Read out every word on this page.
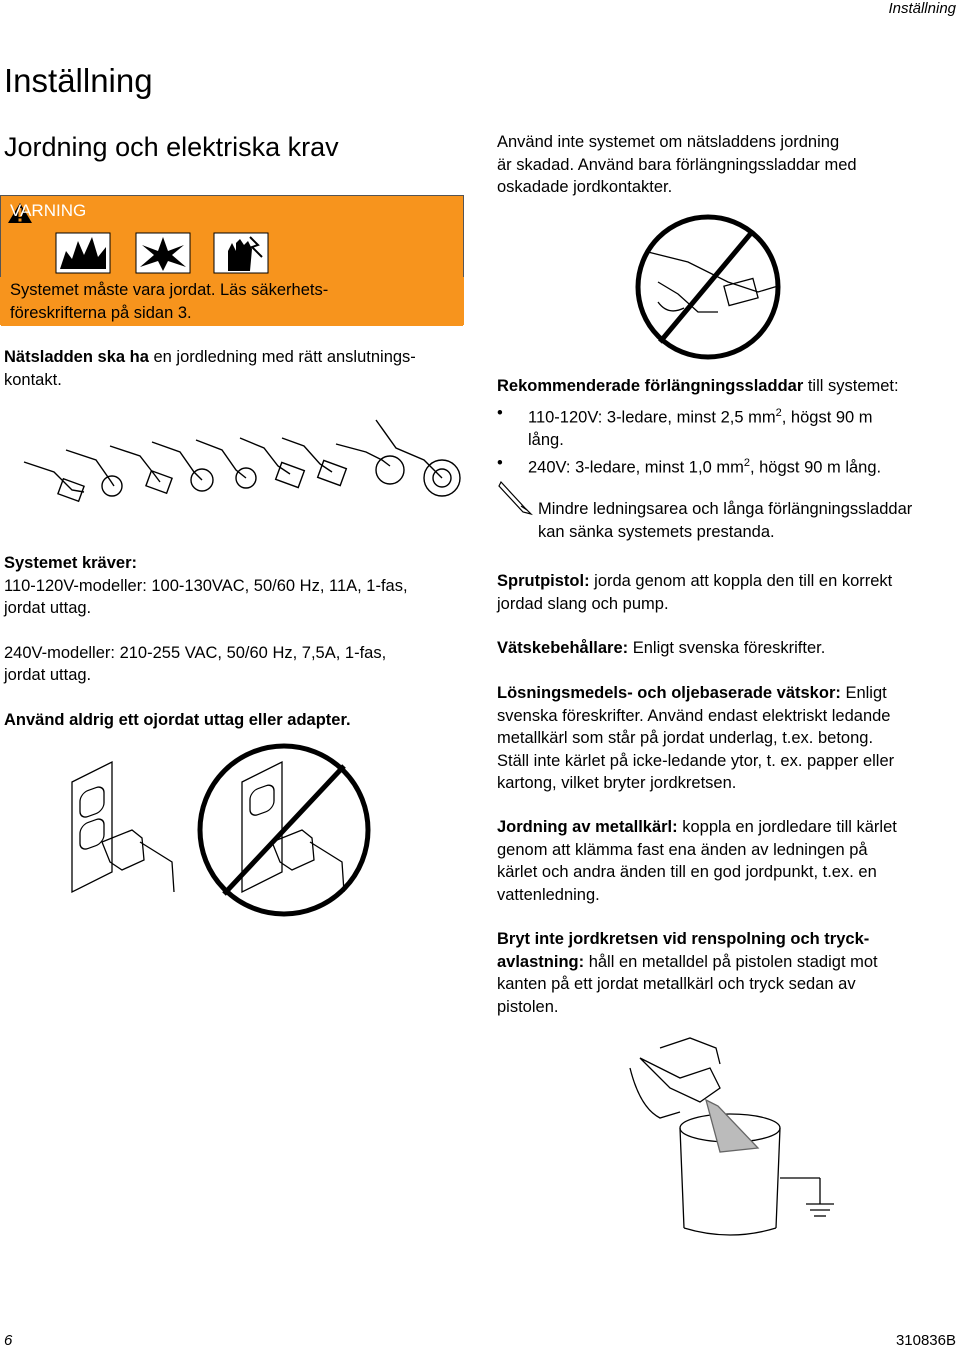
Inställning
Inställning
Jordning och elektriska krav
VARNING
Systemet måste vara jordat. Läs säkerhets-
föreskrifterna på sidan 3.
Nätsladden ska ha en jordledning med rätt anslutnings-
kontakt.
Systemet kräver:
110-120V-modeller: 100-130VAC, 50/60 Hz, 11A, 1-fas,
jordat uttag.
240V-modeller: 210-255 VAC, 50/60 Hz, 7,5A, 1-fas,
jordat uttag.
Använd aldrig ett ojordat uttag eller adapter.
Använd inte systemet om nätsladdens jordning
är skadad. Använd bara förlängningssladdar med
oskadade jordkontakter.
Rekommenderade förlängningssladdar till systemet:
• 110-120V: 3-ledare, minst 2,5 $mm^2$, högst 90 m
lång.
• 240V: 3-ledare, minst 1,0 $mm^2$, högst 90 m lång.
Mindre ledningsarea och långa förlängningssladdar
kan sänka systemets prestanda.
Sprutpistol: jorda genom att koppla den till en korrekt
jordad slang och pump.
Vätskebehållare: Enligt svenska föreskrifter.
Lösningsmedels- och oljebaserade vätskor: Enligt
svenska föreskrifter. Använd endast elektriskt ledande
metallkärl som står på jordat underlag, t.ex. betong.
Ställ inte kärlet på icke-ledande ytor, t. ex. papper eller
kartong, vilket bryter jordkretsen.
Jordning av metallkärl: koppla en jordledare till kärlet
genom att klämma fast ena änden av ledningen på
kärlet och andra änden till en god jordpunkt, t.ex. en
vattenledning.
Bryt inte jordkretsen vid renspolning och tryck-
avlastning: håll en metalldel på pistolen stadigt mot
kanten på ett jordat metallkärl och tryck sedan av
pistolen.
6	310836B
